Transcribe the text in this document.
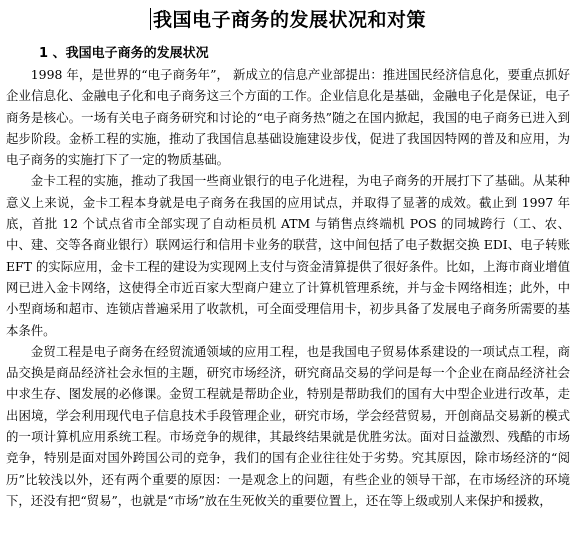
我国电子商务的发展状况和对策
1 、我国电子商务的发展状况

1998 年，是世界的“电子商务年”， 新成立的信息产业部提出：推进国民经济信息化，要重点抓好企业信息化、金融电子化和电子商务这三个方面的工作。企业信息化是基础，金融电子化是保证，电子商务是核心。一场有关电子商务研究和讨论的“电子商务热”随之在国内掀起，我国的电子商务已进入到起步阶段。金桥工程的实施，推动了我国信息基础设施建设步伐，促进了我国因特网的普及和应用，为电子商务的实施打下了一定的物质基础。

金卡工程的实施，推动了我国一些商业银行的电子化进程，为电子商务的开展打下了基础。从某种意义上来说，金卡工程本身就是电子商务在我国的应用试点，并取得了显著的成效。截止到 1997 年底，首批 12 个试点省市全部实现了自动柜员机 ATM 与销售点终端机 POS 的同城跨行（工、农、中、建、交等各商业银行）联网运行和信用卡业务的联营，这中间包括了电子数据交换 EDI、电子转账 EFT 的实际应用，金卡工程的建设为实现网上支付与资金清算提供了很好条件。比如，上海市商业增值网已进入金卡网络，这使得全市近百家大型商户建立了计算机管理系统，并与金卡网络相连；此外，中小型商场和超市、连锁店普遍采用了收款机，可全面受理信用卡，初步具备了发展电子商务所需要的基本条件。

金贸工程是电子商务在经贸流通领域的应用工程，也是我国电子贸易体系建设的一项试点工程，商品交换是商品经济社会永恒的主题，研究市场经济，研究商品交易的学问是每一个企业在商品经济社会中求生存、图发展的必修课。金贸工程就是帮助企业，特别是帮助我们的国有大中型企业进行改革，走出困境，学会利用现代电子信息技术手段管理企业，研究市场，学会经营贸易，开创商品交易新的模式的一项计算机应用系统工程。市场竞争的规律，其最终结果就是优胜劣汰。面对日益激烈、残酷的市场竞争，特别是面对国外跨国公司的竞争，我们的国有企业往往处于劣势。究其原因，除市场经济的“阅历”比较浅以外，还有两个重要的原因：一是观念上的问题，有些企业的领导干部，在市场经济的环境下，还没有把“贸易”，也就是“市场”放在生死攸关的重要位置上，还在等上级或别人来保护和援救，
